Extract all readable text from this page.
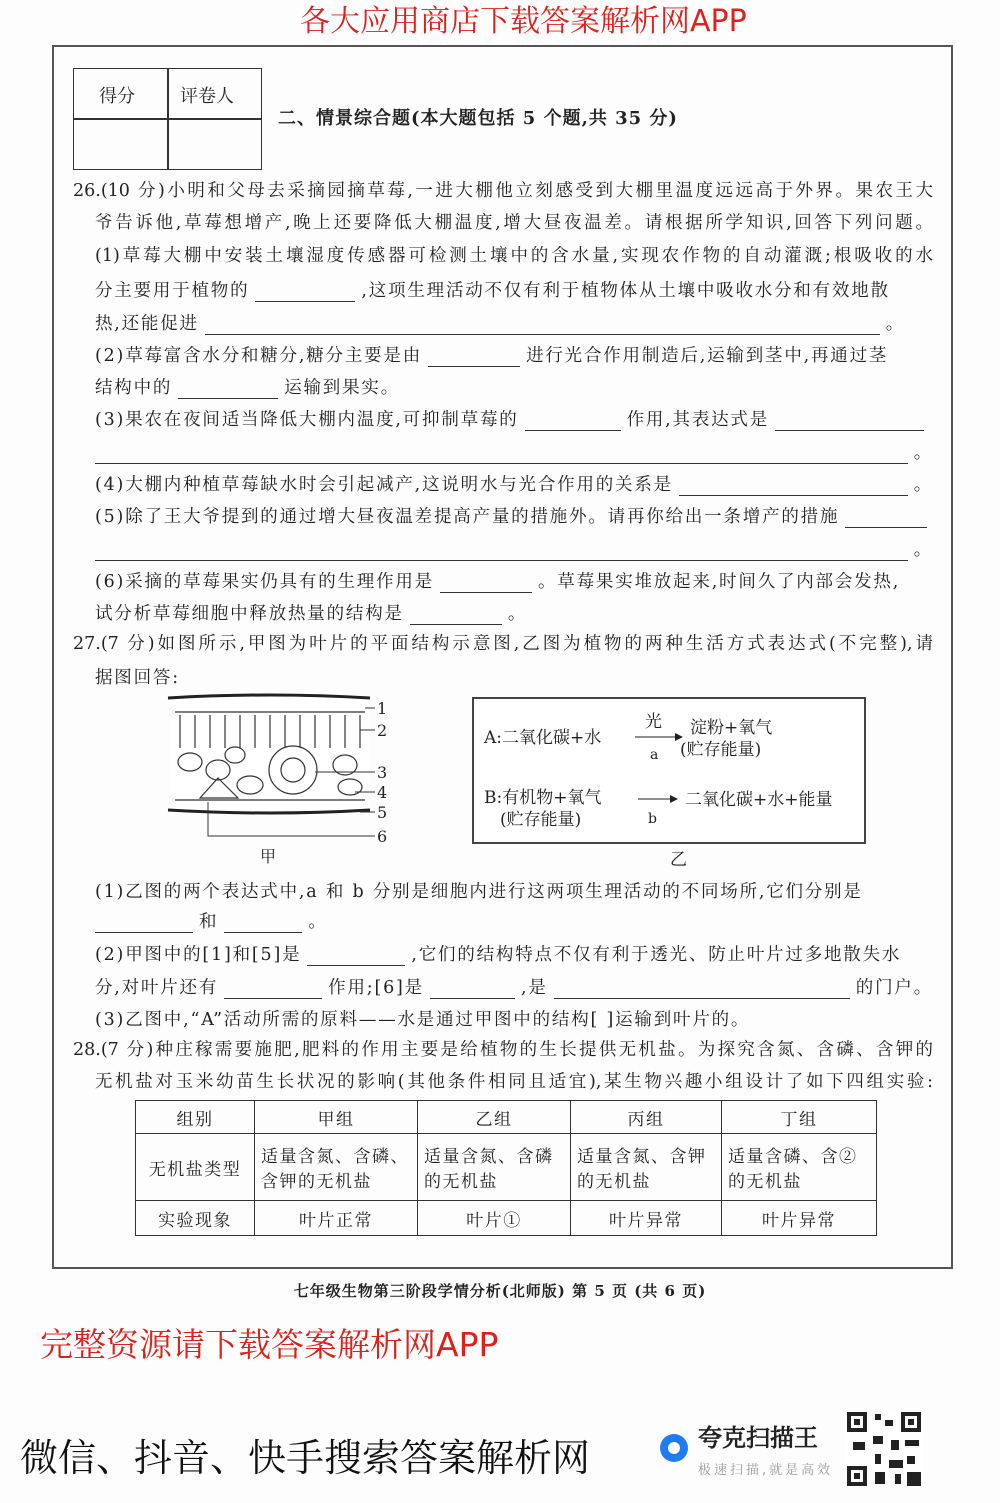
得分	评卷人
二、情景综合题(本大题包括 5 个题,共 35 分)
26.(10 分)小明和父母去采摘园摘草莓,一进大棚他立刻感受到大棚里温度远远高于外界。果农王大
爷告诉他,草莓想增产,晚上还要降低大棚温度,增大昼夜温差。请根据所学知识,回答下列问题。
(1)草莓大棚中安装土壤湿度传感器可检测土壤中的含水量,实现农作物的自动灌溉;根吸收的水
分主要用于植物的	,这项生理活动不仅有利于植物体从土壤中吸收水分和有效地散
热,还能促进	。
(2)草莓富含水分和糖分,糖分主要是由	进行光合作用制造后,运输到茎中,再通过茎
结构中的	运输到果实。
(3)果农在夜间适当降低大棚内温度,可抑制草莓的	作用,其表达式是
。
(4)大棚内种植草莓缺水时会引起减产,这说明水与光合作用的关系是	。
(5)除了王大爷提到的通过增大昼夜温差提高产量的措施外。请再你给出一条增产的措施
。
(6)采摘的草莓果实仍具有的生理作用是	。草莓果实堆放起来,时间久了内部会发热,
试分析草莓细胞中释放热量的结构是	。
27.(7 分)如图所示,甲图为叶片的平面结构示意图,乙图为植物的两种生活方式表达式(不完整),请
据图回答:
1
2
3
4
5
6
甲
A:二氧化碳+水
光
a
淀粉+氧气
(贮存能量)
B:有机物+氧气
(贮存能量)	b
二氧化碳+水+能量
乙
(1)乙图的两个表达式中,a 和 b 分别是细胞内进行这两项生理活动的不同场所,它们分别是
和	。
(2)甲图中的[1]和[5]是	,它们的结构特点不仅有利于透光、防止叶片过多地散失水
分,对叶片还有	作用;[6]是	,是	的门户。
(3)乙图中,“A”活动所需的原料——水是通过甲图中的结构[ ]运输到叶片的。
28.(7 分)种庄稼需要施肥,肥料的作用主要是给植物的生长提供无机盐。为探究含氮、含磷、含钾的
无机盐对玉米幼苗生长状况的影响(其他条件相同且适宜),某生物兴趣小组设计了如下四组实验:
组别	甲组	乙组	丙组	丁组
无机盐类型	适量含氮、含磷、含钾的无机盐	适量含氮、含磷的无机盐	适量含氮、含钾的无机盐	适量含磷、含②的无机盐
实验现象	叶片正常	叶片①	叶片异常	叶片异常
七年级生物第三阶段学情分析(北师版) 第 5 页 (共 6 页)
各大应用商店下载答案解析网APP
完整资源请下载答案解析网APP
微信、抖音、快手搜索答案解析网	夸克扫描王
极速扫描,就是高效
